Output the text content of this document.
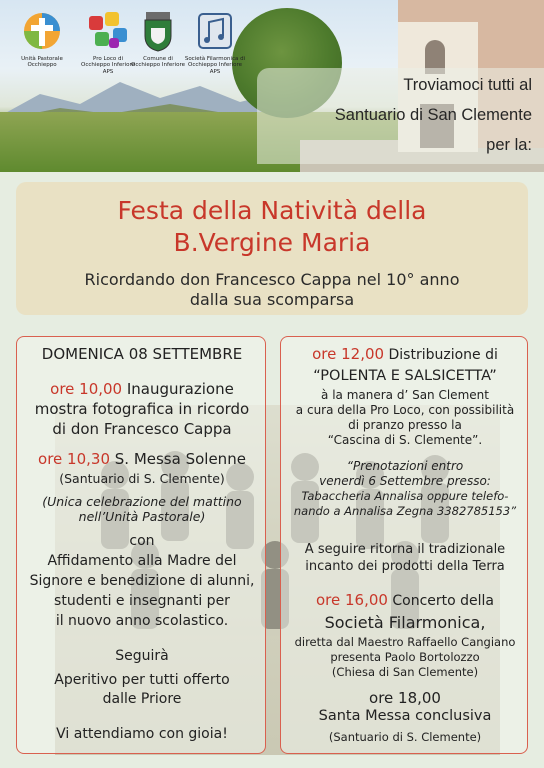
Unità Pastorale
Occhieppo
Pro Loco di
Occhieppo Inferiore
APS
Comune di
Occhieppo Inferiore
Società Filarmonica di
Occhieppo Inferiore
APS
Troviamoci tutti al
Santuario di San Clemente
per la:
Festa della Natività della
B.Vergine Maria
Ricordando don Francesco Cappa nel 10° anno
dalla sua scomparsa
DOMENICA 08 SETTEMBRE
ore 10,00 Inaugurazione
mostra fotografica in ricordo
di don Francesco Cappa
ore 10,30 S. Messa Solenne
(Santuario di S. Clemente)
(Unica celebrazione del mattino
nell’Unità Pastorale)
con
Affidamento alla Madre del
Signore e benedizione di alunni,
studenti e insegnanti per
il nuovo anno scolastico.
Seguirà
Aperitivo per tutti offerto
dalle Priore
Vi attendiamo con gioia!
ore 12,00 Distribuzione di
“POLENTA E SALSICETTA”
à la manera d’ San Clement
a cura della Pro Loco, con possibilità
di pranzo presso la
“Cascina di S. Clemente”.
“Prenotazioni entro
venerdì 6 Settembre presso:
Tabaccheria Annalisa oppure telefo-
nando a Annalisa Zegna 3382785153”
A seguire ritorna il tradizionale
incanto dei prodotti della Terra
ore 16,00 Concerto della
Società Filarmonica,
diretta dal Maestro Raffaello Cangiano
presenta Paolo Bortolozzo
(Chiesa di San Clemente)
ore 18,00
Santa Messa conclusiva
(Santuario di S. Clemente)
